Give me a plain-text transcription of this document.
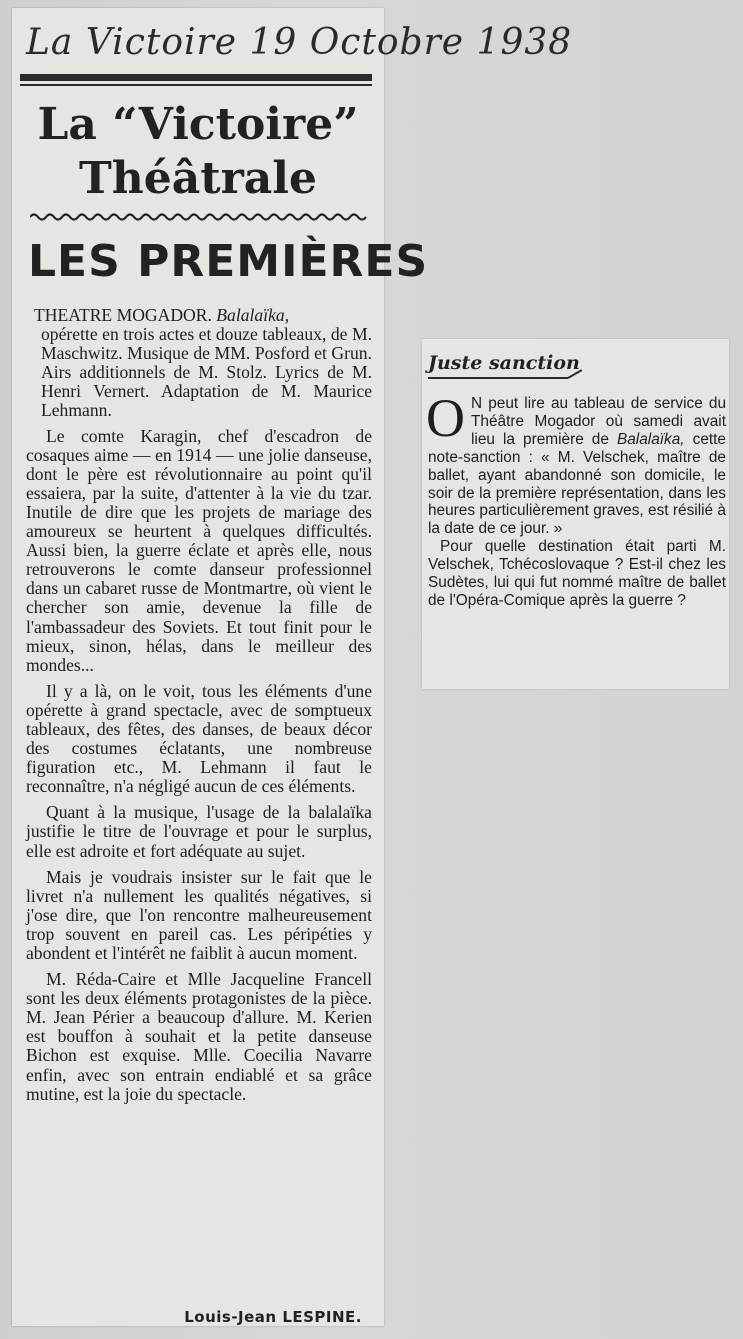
La Victoire 19 Octobre 1938
La “Victoire”
Théâtrale
LES PREMIÈRES

THEATRE MOGADOR. Balalaïka,
opérette en trois actes et douze tableaux, de M. Maschwitz. Musique de MM. Posford et Grun. Airs additionnels de M. Stolz. Lyrics de M. Henri Vernert. Adaptation de M. Maurice Lehmann.

Le comte Karagin, chef d'escadron de cosaques aime — en 1914 — une jolie danseuse, dont le père est révolutionnaire au point qu'il essaiera, par la suite, d'attenter à la vie du tzar. Inutile de dire que les projets de mariage des amoureux se heurtent à quelques difficultés. Aussi bien, la guerre éclate et après elle, nous retrouverons le comte danseur professionnel dans un cabaret russe de Montmartre, où vient le chercher son amie, devenue la fille de l'ambassadeur des Soviets. Et tout finit pour le mieux, sinon, hélas, dans le meilleur des mondes...

Il y a là, on le voit, tous les éléments d'une opérette à grand spectacle, avec de somptueux tableaux, des fêtes, des danses, de beaux décor des costumes éclatants, une nombreuse figuration etc., M. Lehmann il faut le reconnaître, n'a négligé aucun de ces éléments.

Quant à la musique, l'usage de la balalaïka justifie le titre de l'ouvrage et pour le surplus, elle est adroite et fort adéquate au sujet.

Mais je voudrais insister sur le fait que le livret n'a nullement les qualités négatives, si j'ose dire, que l'on rencontre malheureusement trop souvent en pareil cas. Les péripéties y abondent et l'intérêt ne faiblit à aucun moment.

M. Réda-Caire et Mlle Jacqueline Francell sont les deux éléments protagonistes de la pièce. M. Jean Périer a beaucoup d'allure. M. Kerien est bouffon à souhait et la petite danseuse Bichon est exquise. Mlle. Coecilia Navarre enfin, avec son entrain endiablé et sa grâce mutine, est la joie du spectacle.

Louis-Jean LESPINE.
Juste sanction

O N peut lire au tableau de service du Théâtre Mogador où samedi avait lieu la première de Balalaïka, cette note-sanction : « M. Velschek, maître de ballet, ayant abandonné son domicile, le soir de la première représentation, dans les heures particulièrement graves, est résilié à la date de ce jour. »

Pour quelle destination était parti M. Velschek, Tchécoslovaque ? Est-il chez les Sudètes, lui qui fut nommé maître de ballet de l'Opéra-Comique après la guerre ?
